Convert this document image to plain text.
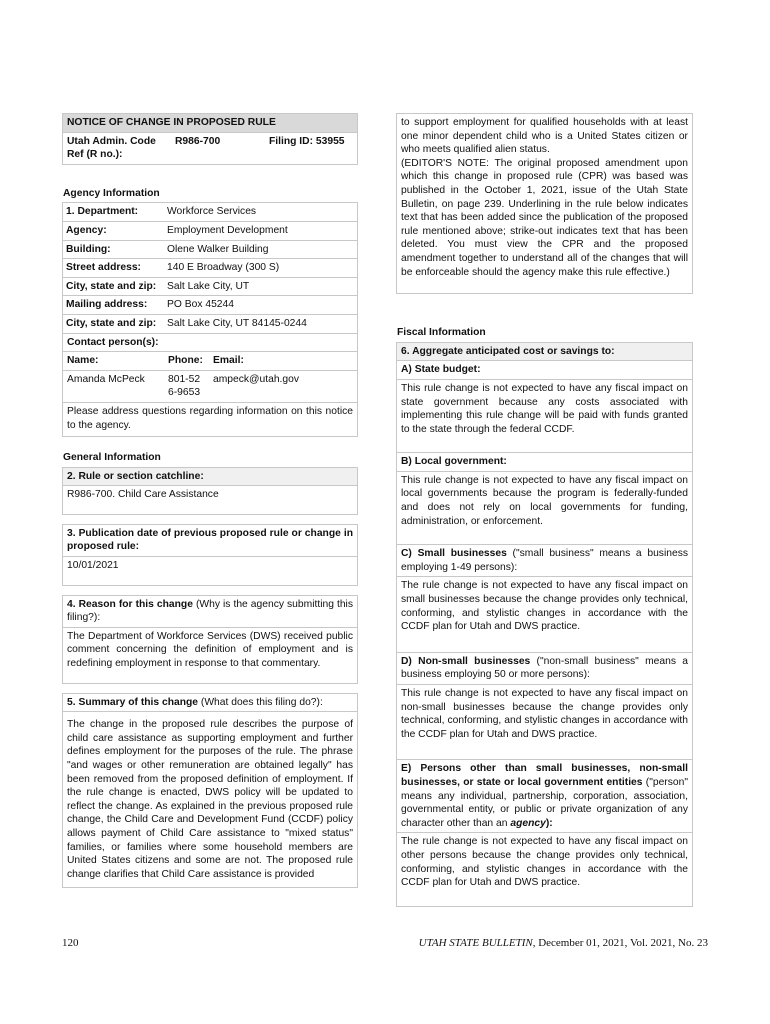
NOTICE OF CHANGE IN PROPOSED RULE
Utah Admin. Code Ref (R no.):
R986-700	Filing ID: 53955
Agency Information
1. Department:	Workforce Services
Agency:	Employment Development
Building:	Olene Walker Building
Street address:	140 E Broadway (300 S)
City, state and zip:	Salt Lake City, UT
Mailing address:	PO Box 45244
City, state and zip:	Salt Lake City, UT 84145-0244
Contact person(s):
Name:	Phone: Email:
Amanda McPeck	801-526-9653
ampeck@utah.gov
Please address questions regarding information on this notice to the agency.
General Information
2. Rule or section catchline:
R986-700. Child Care Assistance
3. Publication date of previous proposed rule or change in proposed rule:
10/01/2021
4. Reason for this change (Why is the agency submitting this filing?):
The Department of Workforce Services (DWS) received public comment concerning the definition of employment and is redefining employment in response to that commentary.
5. Summary of this change (What does this filing do?):
The change in the proposed rule describes the purpose of child care assistance as supporting employment and further defines employment for the purposes of the rule. The phrase "and wages or other remuneration are obtained legally" has been removed from the proposed definition of employment. If the rule change is enacted, DWS policy will be updated to reflect the change. As explained in the previous proposed rule change, the Child Care and Development Fund (CCDF) policy allows payment of Child Care assistance to "mixed status" families, or families where some household members are United States citizens and some are not. The proposed rule change clarifies that Child Care assistance is provided
to support employment for qualified households with at least one minor dependent child who is a United States citizen or who meets qualified alien status.
(EDITOR'S NOTE: The original proposed amendment upon which this change in proposed rule (CPR) was based was published in the October 1, 2021, issue of the Utah State Bulletin, on page 239. Underlining in the rule below indicates text that has been added since the publication of the proposed rule mentioned above; strike-out indicates text that has been deleted. You must view the CPR and the proposed amendment together to understand all of the changes that will be enforceable should the agency make this rule effective.)
Fiscal Information
6. Aggregate anticipated cost or savings to:
A) State budget:
This rule change is not expected to have any fiscal impact on state government because any costs associated with implementing this rule change will be paid with funds granted to the state through the federal CCDF.
B) Local government:
This rule change is not expected to have any fiscal impact on local governments because the program is federally-funded and does not rely on local governments for funding, administration, or enforcement.
C) Small businesses ("small business" means a business employing 1-49 persons):
The rule change is not expected to have any fiscal impact on small businesses because the change provides only technical, conforming, and stylistic changes in accordance with the CCDF plan for Utah and DWS practice.
D) Non-small businesses ("non-small business" means a business employing 50 or more persons):
This rule change is not expected to have any fiscal impact on non-small businesses because the change provides only technical, conforming, and stylistic changes in accordance with the CCDF plan for Utah and DWS practice.
E) Persons other than small businesses, non-small businesses, or state or local government entities ("person" means any individual, partnership, corporation, association, governmental entity, or public or private organization of any character other than an agency):
The rule change is not expected to have any fiscal impact on other persons because the change provides only technical, conforming, and stylistic changes in accordance with the CCDF plan for Utah and DWS practice.
120	UTAH STATE BULLETIN, December 01, 2021, Vol. 2021, No. 23
